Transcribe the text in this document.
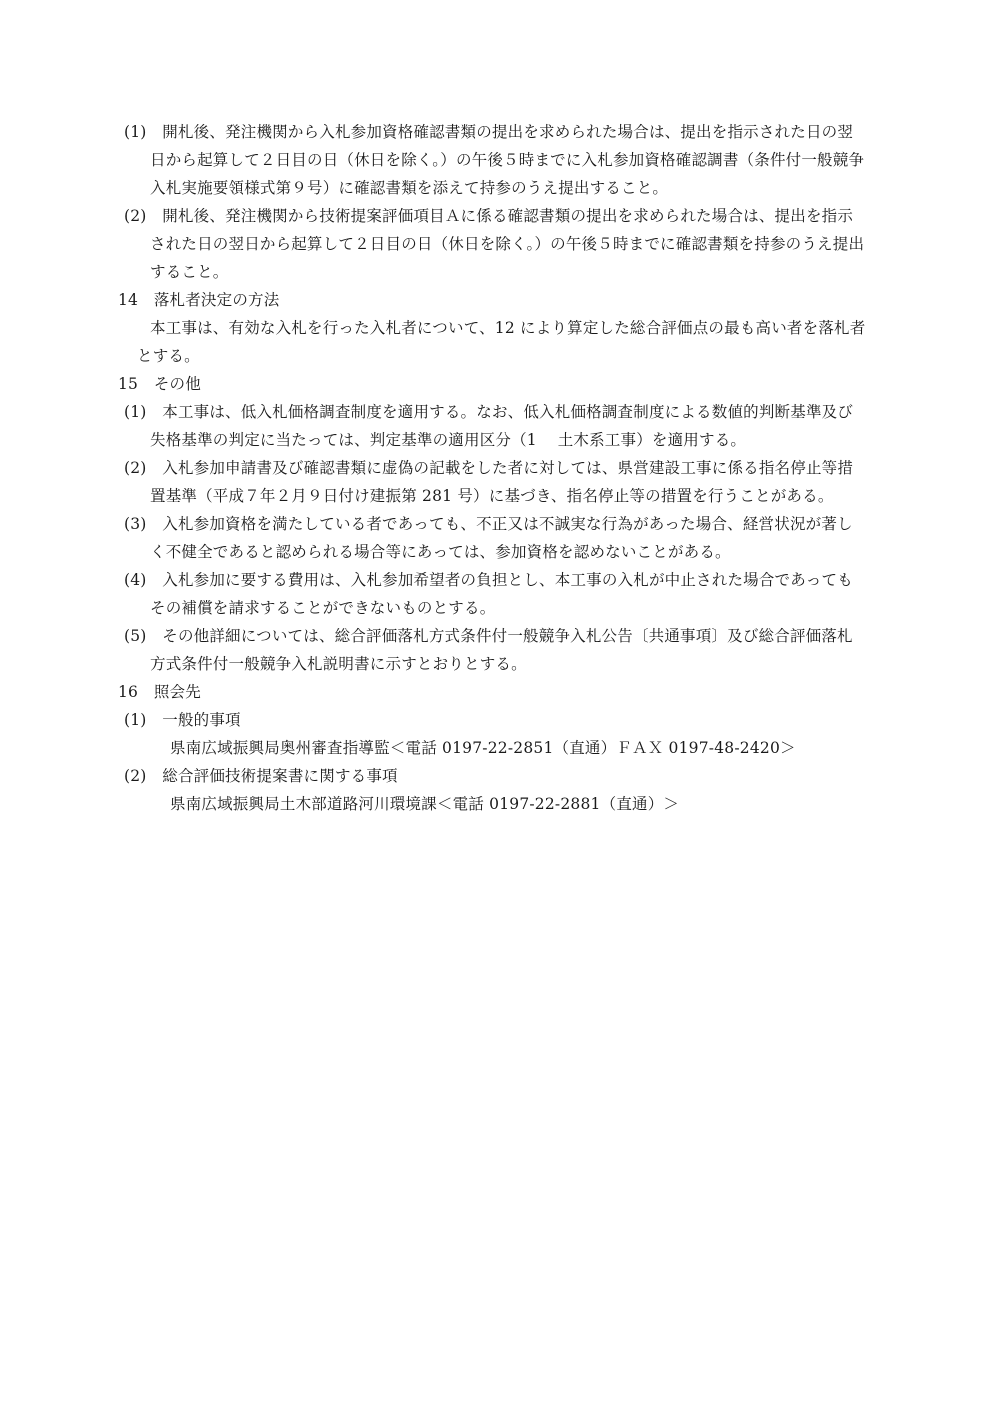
(1)　開札後、発注機関から入札参加資格確認書類の提出を求められた場合は、提出を指示された日の翌
日から起算して２日目の日（休日を除く。）の午後５時までに入札参加資格確認調書（条件付一般競争
入札実施要領様式第９号）に確認書類を添えて持参のうえ提出すること。
(2)　開札後、発注機関から技術提案評価項目Ａに係る確認書類の提出を求められた場合は、提出を指示
された日の翌日から起算して２日目の日（休日を除く。）の午後５時までに確認書類を持参のうえ提出
すること。
14　落札者決定の方法
本工事は、有効な入札を行った入札者について、12 により算定した総合評価点の最も高い者を落札者
とする。
15　その他
(1)　本工事は、低入札価格調査制度を適用する。なお、低入札価格調査制度による数値的判断基準及び
失格基準の判定に当たっては、判定基準の適用区分（1　 土木系工事）を適用する。
(2)　入札参加申請書及び確認書類に虚偽の記載をした者に対しては、県営建設工事に係る指名停止等措
置基準（平成７年２月９日付け建振第 281 号）に基づき、指名停止等の措置を行うことがある。
(3)　入札参加資格を満たしている者であっても、不正又は不誠実な行為があった場合、経営状況が著し
く不健全であると認められる場合等にあっては、参加資格を認めないことがある。
(4)　入札参加に要する費用は、入札参加希望者の負担とし、本工事の入札が中止された場合であっても
その補償を請求することができないものとする。
(5)　その他詳細については、総合評価落札方式条件付一般競争入札公告〔共通事項〕及び総合評価落札
方式条件付一般競争入札説明書に示すとおりとする。
16　照会先
(1)　一般的事項
県南広域振興局奥州審査指導監＜電話 0197-22-2851（直通）ＦＡＸ 0197-48-2420＞
(2)　総合評価技術提案書に関する事項
県南広域振興局土木部道路河川環境課＜電話 0197-22-2881（直通）＞
